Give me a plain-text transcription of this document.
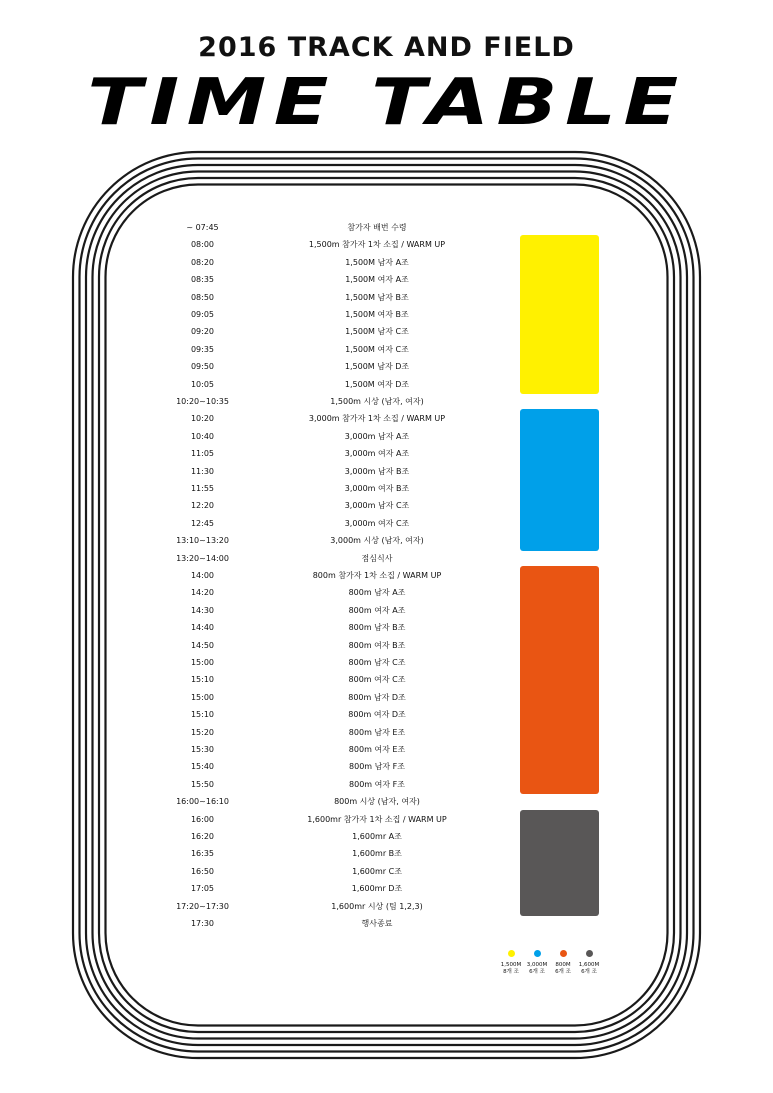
2016 TRACK AND FIELD
TIME TABLE
~ 07:45	참가자 배번 수령
08:00	1,500m 참가자 1차 소집 / WARM UP
08:20	1,500M 남자 A조
08:35	1,500M 여자 A조
08:50	1,500M 남자 B조
09:05	1,500M 여자 B조
09:20	1,500M 남자 C조
09:35	1,500M 여자 C조
09:50	1,500M 남자 D조
10:05	1,500M 여자 D조
10:20~10:35	1,500m 시상 (남자, 여자)
10:20	3,000m 참가자 1차 소집 / WARM UP
10:40	3,000m 남자 A조
11:05	3,000m 여자 A조
11:30	3,000m 남자 B조
11:55	3,000m 여자 B조
12:20	3,000m 남자 C조
12:45	3,000m 여자 C조
13:10~13:20	3,000m 시상 (남자, 여자)
13:20~14:00	점심식사
14:00	800m 참가자 1차 소집 / WARM UP
14:20	800m 남자 A조
14:30	800m 여자 A조
14:40	800m 남자 B조
14:50	800m 여자 B조
15:00	800m 남자 C조
15:10	800m 여자 C조
15:00	800m 남자 D조
15:10	800m 여자 D조
15:20	800m 남자 E조
15:30	800m 여자 E조
15:40	800m 남자 F조
15:50	800m 여자 F조
16:00~16:10	800m 시상 (남자, 여자)
16:00	1,600mr 참가자 1차 소집 / WARM UP
16:20	1,600mr A조
16:35	1,600mr B조
16:50	1,600mr C조
17:05	1,600mr D조
17:20~17:30	1,600mr 시상 (팀 1,2,3)
17:30	행사종료
1,500M
8개 조
3,000M
6개 조
800M
6개 조
1,600M
6개 조
